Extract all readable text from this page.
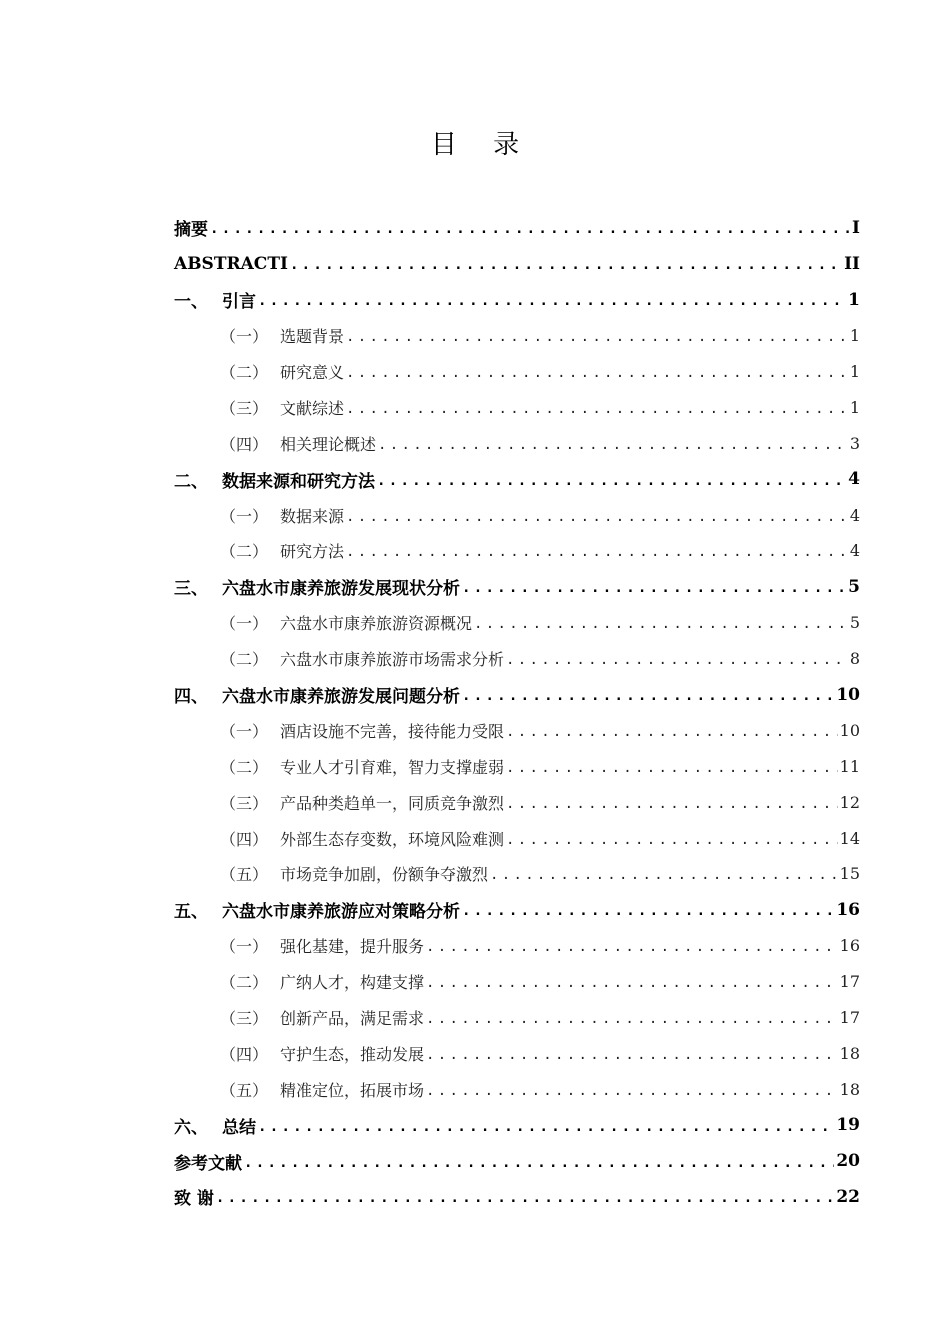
目 录
摘要 .....	I
ABSTRACTI .....	II
一、 引言 .....	1
（一） 选题背景 .....	1
（二） 研究意义 .....	1
（三） 文献综述 .....	1
（四） 相关理论概述 .....	3
二、 数据来源和研究方法 .....	4
（一） 数据来源 .....	4
（二） 研究方法 .....	4
三、 六盘水市康养旅游发展现状分析 .....	5
（一） 六盘水市康养旅游资源概况 .....	5
（二） 六盘水市康养旅游市场需求分析 .....	8
四、 六盘水市康养旅游发展问题分析 .....	10
（一） 酒店设施不完善，接待能力受限 .....	10
（二） 专业人才引育难，智力支撑虚弱 .....	11
（三） 产品种类趋单一，同质竞争激烈 .....	12
（四） 外部生态存变数，环境风险难测 .....	14
（五） 市场竞争加剧，份额争夺激烈 .....	15
五、 六盘水市康养旅游应对策略分析 .....	16
（一） 强化基建，提升服务 .....	16
（二） 广纳人才，构建支撑 .....	17
（三） 创新产品，满足需求 .....	17
（四） 守护生态，推动发展 .....	18
（五） 精准定位，拓展市场 .....	18
六、 总结 .....	19
参考文献 .....	20
致 谢 .....	22
